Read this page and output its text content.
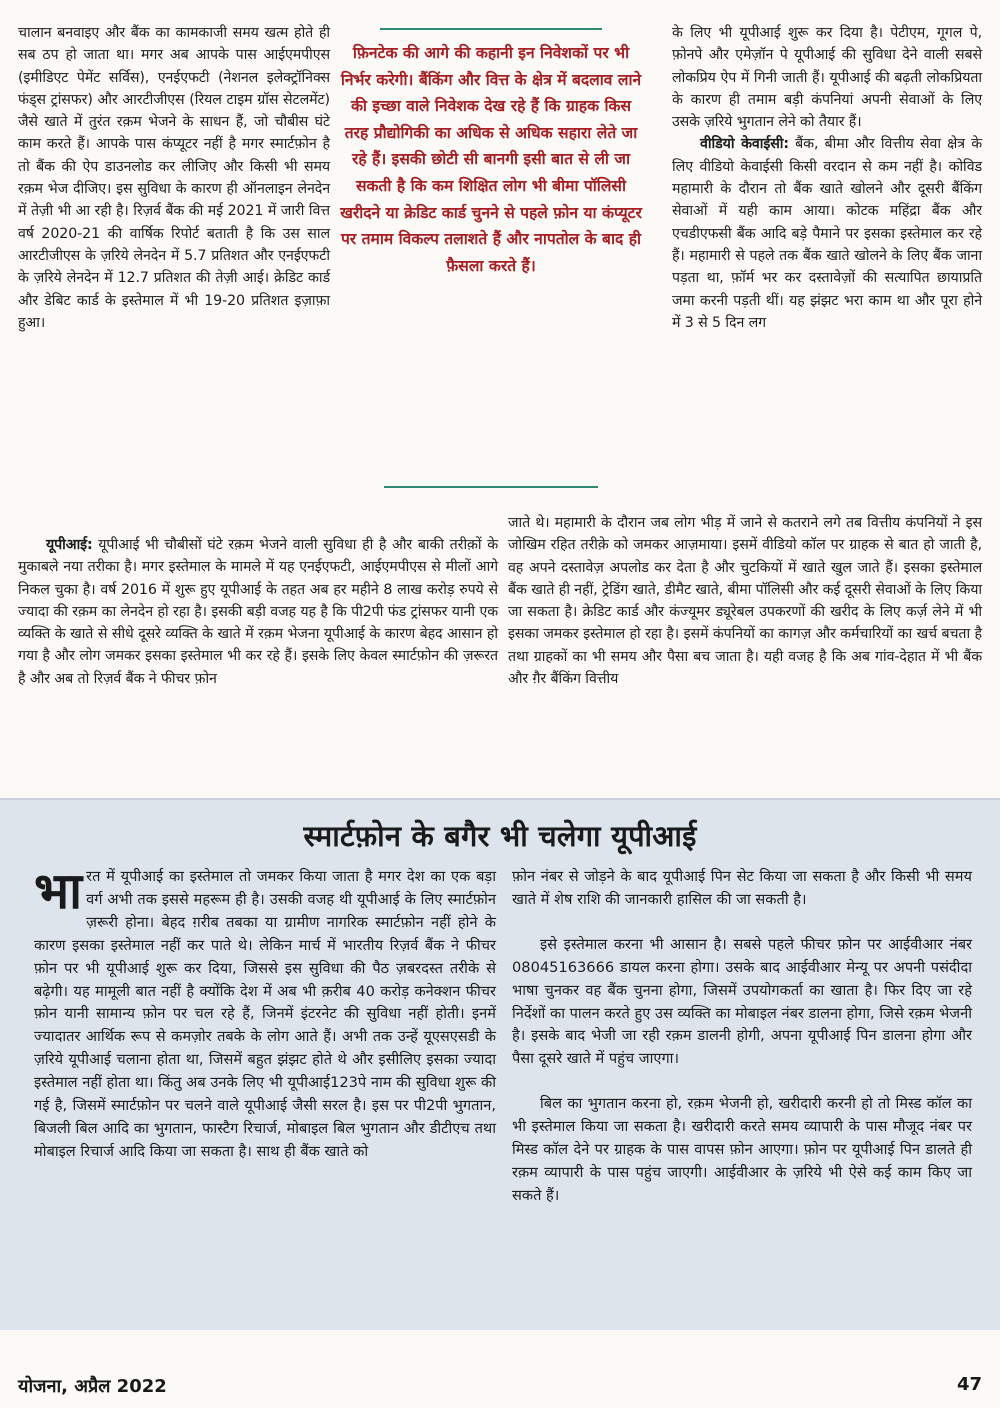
चालान बनवाइए और बैंक का कामकाजी समय खत्म होते ही सब ठप हो जाता था। मगर अब आपके पास आईएमपीएस (इमीडिएट पेमेंट सर्विस), एनईएफटी (नेशनल इलेक्ट्रॉनिक्स फंड्स ट्रांसफर) और आरटीजीएस (रियल टाइम ग्रॉस सेटलमेंट) जैसे खाते में तुरंत रक़म भेजने के साधन हैं, जो चौबीस घंटे काम करते हैं। आपके पास कंप्यूटर नहीं है मगर स्मार्टफ़ोन है तो बैंक की ऐप डाउनलोड कर लीजिए और किसी भी समय रक़म भेज दीजिए। इस सुविधा के कारण ही ऑनलाइन लेनदेन में तेज़ी भी आ रही है। रिज़र्व बैंक की मई 2021 में जारी वित्त वर्ष 2020-21 की वार्षिक रिपोर्ट बताती है कि उस साल आरटीजीएस के ज़रिये लेनदेन में 5.7 प्रतिशत और एनईएफटी के ज़रिये लेनदेन में 12.7 प्रतिशत की तेज़ी आई। क्रेडिट कार्ड और डेबिट कार्ड के इस्तेमाल में भी 19-20 प्रतिशत इज़ाफ़ा हुआ।

फ़िनटेक की आगे की कहानी इन निवेशकों पर भी निर्भर करेगी। बैंकिंग और वित्त के क्षेत्र में बदलाव लाने की इच्छा वाले निवेशक देख रहे हैं कि ग्राहक किस तरह प्रौद्योगिकी का अधिक से अधिक सहारा लेते जा रहे हैं। इसकी छोटी सी बानगी इसी बात से ली जा सकती है कि कम शिक्षित लोग भी बीमा पॉलिसी खरीदने या क्रेडिट कार्ड चुनने से पहले फ़ोन या कंप्यूटर पर तमाम विकल्प तलाशते हैं और नापतोल के बाद ही फ़ैसला करते हैं।

के लिए भी यूपीआई शुरू कर दिया है। पेटीएम, गूगल पे, फ़ोनपे और एमेज़ॉन पे यूपीआई की सुविधा देने वाली सबसे लोकप्रिय ऐप में गिनी जाती हैं। यूपीआई की बढ़ती लोकप्रियता के कारण ही तमाम बड़ी कंपनियां अपनी सेवाओं के लिए उसके ज़रिये भुगतान लेने को तैयार हैं।

वीडियो केवाईसी: बैंक, बीमा और वित्तीय सेवा क्षेत्र के लिए वीडियो केवाईसी किसी वरदान से कम नहीं है। कोविड महामारी के दौरान तो बैंक खाते खोलने और दूसरी बैंकिंग सेवाओं में यही काम आया। कोटक महिंद्रा बैंक और एचडीएफसी बैंक आदि बड़े पैमाने पर इसका इस्तेमाल कर रहे हैं। महामारी से पहले तक बैंक खाते खोलने के लिए बैंक जाना पड़ता था, फ़ॉर्म भर कर दस्तावेज़ों की सत्यापित छायाप्रति जमा करनी पड़ती थीं। यह झंझट भरा काम था और पूरा होने में 3 से 5 दिन लग

यूपीआई: यूपीआई भी चौबीसों घंटे रक़म भेजने वाली सुविधा ही है और बाकी तरीक़ों के मुकाबले नया तरीका है। मगर इस्तेमाल के मामले में यह एनईएफटी, आईएमपीएस से मीलों आगे निकल चुका है। वर्ष 2016 में शुरू हुए यूपीआई के तहत अब हर महीने 8 लाख करोड़ रुपये से ज्यादा की रक़म का लेनदेन हो रहा है। इसकी बड़ी वजह यह है कि पी2पी फंड ट्रांसफर यानी एक व्यक्ति के खाते से सीधे दूसरे व्यक्ति के खाते में रक़म भेजना यूपीआई के कारण बेहद आसान हो गया है और लोग जमकर इसका इस्तेमाल भी कर रहे हैं। इसके लिए केवल स्मार्टफ़ोन की ज़रूरत है और अब तो रिज़र्व बैंक ने फीचर फ़ोन

जाते थे। महामारी के दौरान जब लोग भीड़ में जाने से कतराने लगे तब वित्तीय कंपनियों ने इस जोखिम रहित तरीक़े को जमकर आज़माया। इसमें वीडियो कॉल पर ग्राहक से बात हो जाती है, वह अपने दस्तावेज़ अपलोड कर देता है और चुटकियों में खाते खुल जाते हैं। इसका इस्तेमाल बैंक खाते ही नहीं, ट्रेडिंग खाते, डीमैट खाते, बीमा पॉलिसी और कई दूसरी सेवाओं के लिए किया जा सकता है। क्रेडिट कार्ड और कंज्यूमर ड्यूरेबल उपकरणों की खरीद के लिए कर्ज़ लेने में भी इसका जमकर इस्तेमाल हो रहा है। इसमें कंपनियों का कागज़ और कर्मचारियों का खर्च बचता है तथा ग्राहकों का भी समय और पैसा बच जाता है। यही वजह है कि अब गांव-देहात में भी बैंक और ग़ैर बैंकिंग वित्तीय

स्मार्टफ़ोन के बगैर भी चलेगा यूपीआई

भारत में यूपीआई का इस्तेमाल तो जमकर किया जाता है मगर देश का एक बड़ा वर्ग अभी तक इससे महरूम ही है। उसकी वजह थी यूपीआई के लिए स्मार्टफ़ोन ज़रूरी होना। बेहद ग़रीब तबका या ग्रामीण नागरिक स्मार्टफ़ोन नहीं होने के कारण इसका इस्तेमाल नहीं कर पाते थे। लेकिन मार्च में भारतीय रिज़र्व बैंक ने फीचर फ़ोन पर भी यूपीआई शुरू कर दिया, जिससे इस सुविधा की पैठ ज़बरदस्त तरीके से बढ़ेगी। यह मामूली बात नहीं है क्योंकि देश में अब भी क़रीब 40 करोड़ कनेक्शन फीचर फ़ोन यानी सामान्य फ़ोन पर चल रहे हैं, जिनमें इंटरनेट की सुविधा नहीं होती। इनमें ज्यादातर आर्थिक रूप से कमज़ोर तबके के लोग आते हैं। अभी तक उन्हें यूएसएसडी के ज़रिये यूपीआई चलाना होता था, जिसमें बहुत झंझट होते थे और इसीलिए इसका ज्यादा इस्तेमाल नहीं होता था। किंतु अब उनके लिए भी यूपीआई123पे नाम की सुविधा शुरू की गई है, जिसमें स्मार्टफ़ोन पर चलने वाले यूपीआई जैसी सरल है। इस पर पी2पी भुगतान, बिजली बिल आदि का भुगतान, फास्टैग रिचार्ज, मोबाइल बिल भुगतान और डीटीएच तथा मोबाइल रिचार्ज आदि किया जा सकता है। साथ ही बैंक खाते को

फ़ोन नंबर से जोड़ने के बाद यूपीआई पिन सेट किया जा सकता है और किसी भी समय खाते में शेष राशि की जानकारी हासिल की जा सकती है।

इसे इस्तेमाल करना भी आसान है। सबसे पहले फीचर फ़ोन पर आईवीआर नंबर 08045163666 डायल करना होगा। उसके बाद आईवीआर मेन्यू पर अपनी पसंदीदा भाषा चुनकर वह बैंक चुनना होगा, जिसमें उपयोगकर्ता का खाता है। फिर दिए जा रहे निर्देशों का पालन करते हुए उस व्यक्ति का मोबाइल नंबर डालना होगा, जिसे रक़म भेजनी है। इसके बाद भेजी जा रही रक़म डालनी होगी, अपना यूपीआई पिन डालना होगा और पैसा दूसरे खाते में पहुंच जाएगा।

बिल का भुगतान करना हो, रक़म भेजनी हो, खरीदारी करनी हो तो मिस्ड कॉल का भी इस्तेमाल किया जा सकता है। खरीदारी करते समय व्यापारी के पास मौजूद नंबर पर मिस्ड कॉल देने पर ग्राहक के पास वापस फ़ोन आएगा। फ़ोन पर यूपीआई पिन डालते ही रक़म व्यापारी के पास पहुंच जाएगी। आईवीआर के ज़रिये भी ऐसे कई काम किए जा सकते हैं।

योजना, अप्रैल 2022	47
